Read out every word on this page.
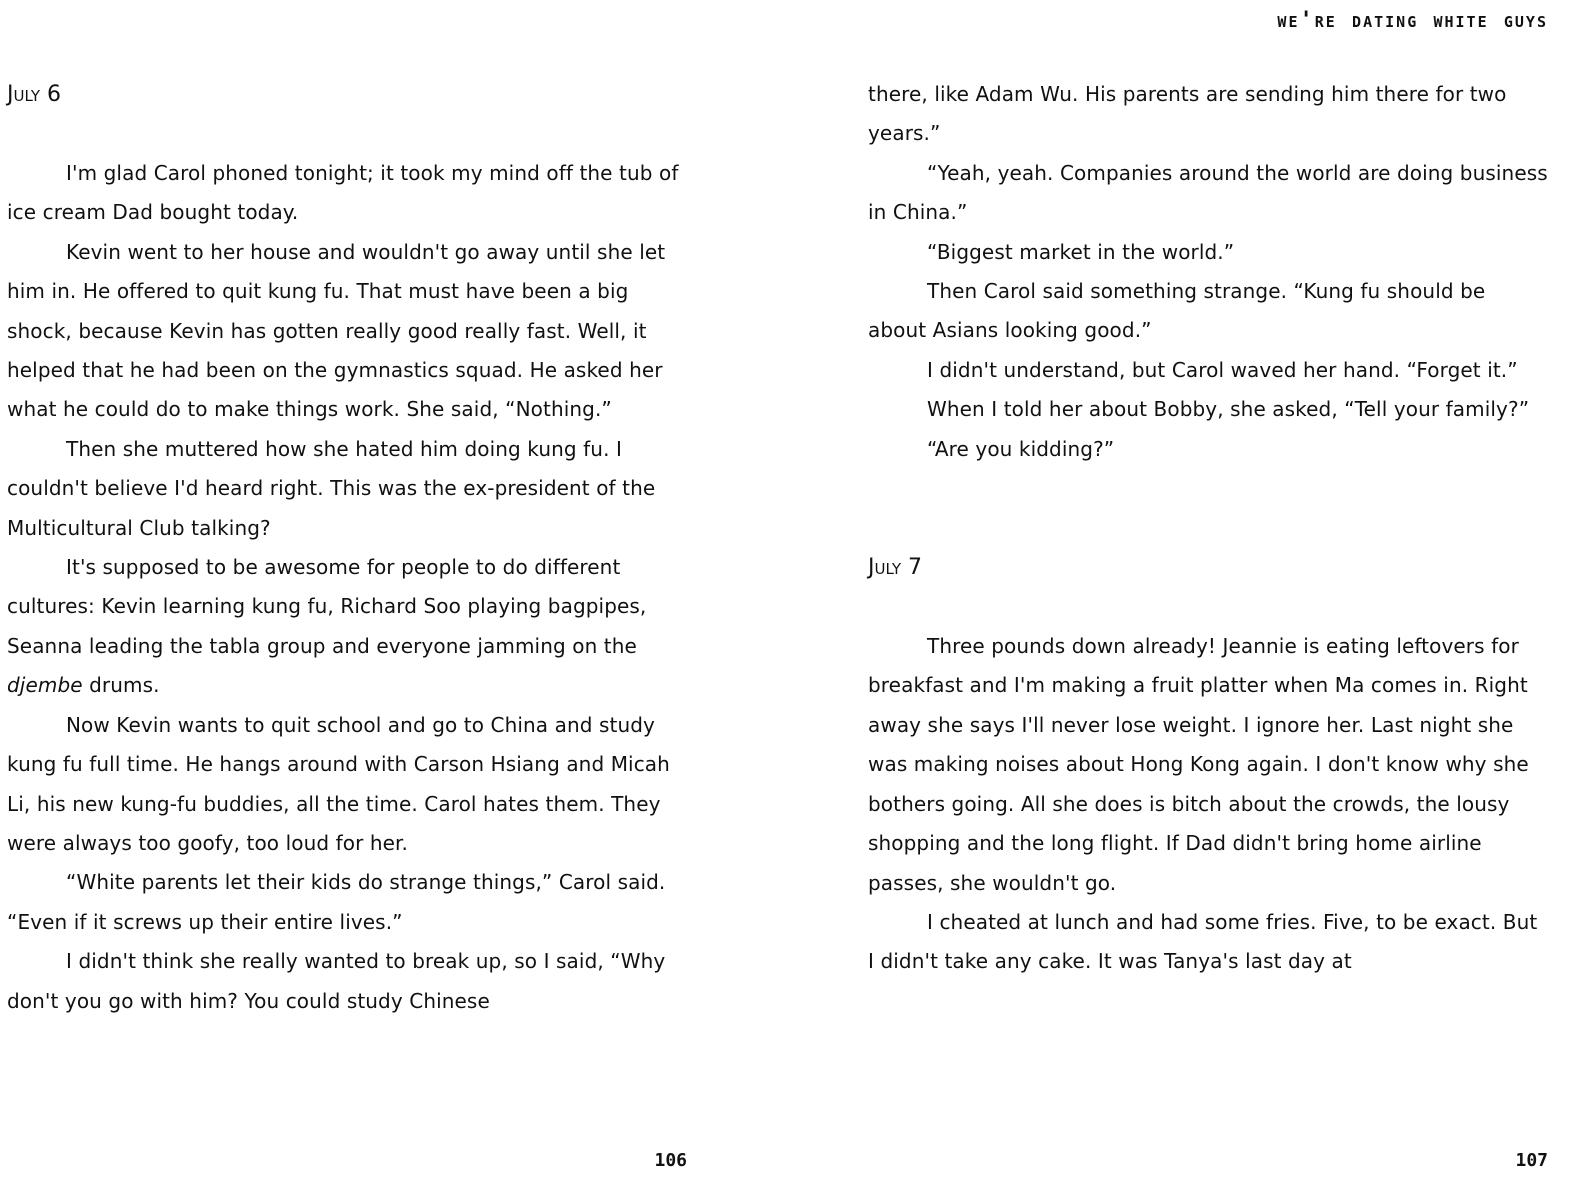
July 6

I'm glad Carol phoned tonight; it took my mind off the tub of ice cream Dad bought today.

Kevin went to her house and wouldn't go away until she let him in. He offered to quit kung fu. That must have been a big shock, because Kevin has gotten really good really fast. Well, it helped that he had been on the gymnastics squad. He asked her what he could do to make things work. She said, “Nothing.”

Then she muttered how she hated him doing kung fu. I couldn't believe I'd heard right. This was the ex-president of the Multicultural Club talking?

It's supposed to be awesome for people to do different cultures: Kevin learning kung fu, Richard Soo playing bagpipes, Seanna leading the tabla group and everyone jamming on the djembe drums.

Now Kevin wants to quit school and go to China and study kung fu full time. He hangs around with Carson Hsiang and Micah Li, his new kung-fu buddies, all the time. Carol hates them. They were always too goofy, too loud for her.

“White parents let their kids do strange things,” Carol said. “Even if it screws up their entire lives.”

I didn't think she really wanted to break up, so I said, “Why don't you go with him? You could study Chinese

106
we're dating white guys

there, like Adam Wu. His parents are sending him there for two years.”

“Yeah, yeah. Companies around the world are doing business in China.”

“Biggest market in the world.”

Then Carol said something strange. “Kung fu should be about Asians looking good.”

I didn't understand, but Carol waved her hand. “Forget it.”

When I told her about Bobby, she asked, “Tell your family?”

“Are you kidding?”

July 7

Three pounds down already! Jeannie is eating leftovers for breakfast and I'm making a fruit platter when Ma comes in. Right away she says I'll never lose weight. I ignore her. Last night she was making noises about Hong Kong again. I don't know why she bothers going. All she does is bitch about the crowds, the lousy shopping and the long flight. If Dad didn't bring home airline passes, she wouldn't go.

I cheated at lunch and had some fries. Five, to be exact. But I didn't take any cake. It was Tanya's last day at

107
